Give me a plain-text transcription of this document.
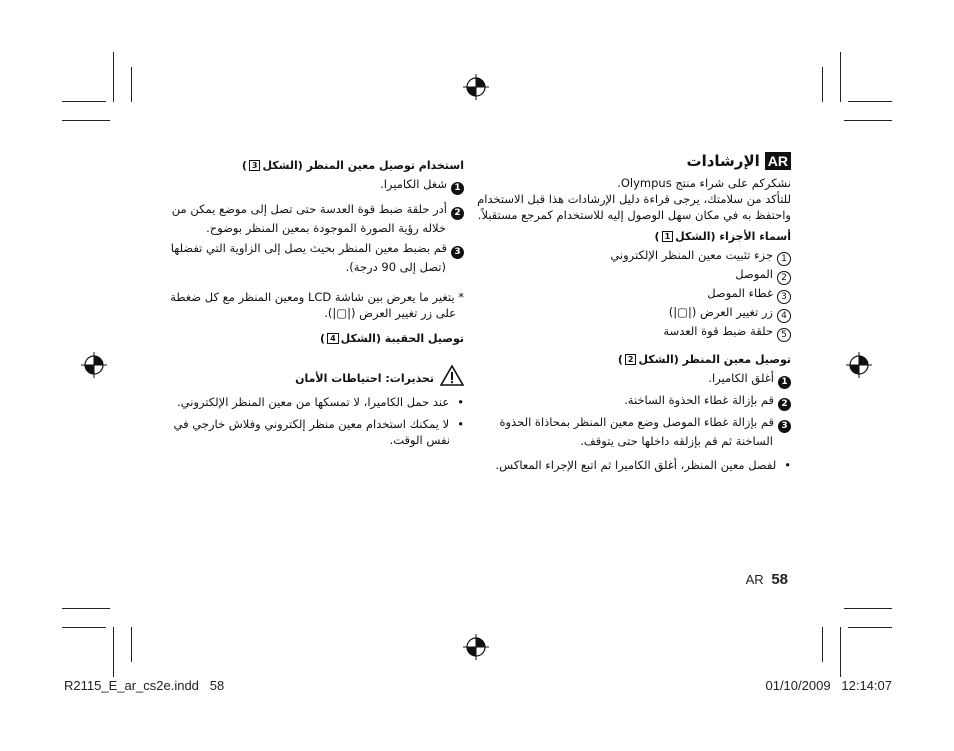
ARالإرشادات
نشكركم على شراء منتج Olympus.
للتأكد من سلامتك، يرجى قراءة دليل الإرشادات هذا قبل الاستخدام
واحتفظ به في مكان سهل الوصول إليه للاستخدام كمرجع مستقبلاً.
أسماء الأجزاء (الشكل1)
1جزء تثبيت معين المنظر الإلكتروني
2الموصل
3غطاء الموصل
4زر تغيير العرض (|▢|)
5حلقة ضبط قوة العدسة
توصيل معين المنظر (الشكل2)
1أغلق الكاميرا.
2قم بإزالة غطاء الحذوة الساخنة.
3قم بإزالة غطاء الموصل وضع معين المنظر بمحاذاة الحذوة
الساخنة ثم قم بإزلقه داخلها حتى يتوقف.
•لفصل معين المنظر، أغلق الكاميرا ثم اتبع الإجراء المعاكس.
استخدام توصيل معين المنظر (الشكل3)
1شغل الكاميرا.
2أدر حلقة ضبط قوة العدسة حتى تصل إلى موضع يمكن من
خلاله رؤية الصورة الموجودة بمعين المنظر بوضوح.
3قم بضبط معين المنظر بحيث يصل إلى الزاوية التي تفضلها
(تصل إلى 90 درجة).
* يتغير ما يعرض بين شاشة LCD ومعين المنظر مع كل ضغطة
على زر تغيير العرض (|▢|).
توصيل الحقيبة (الشكل4)
تحذيرات: احتياطات الأمان
•عند حمل الكاميرا، لا تمسكها من معين المنظر الإلكتروني.
•لا يمكنك استخدام معين منظر إلكتروني وفلاش خارجي في
نفس الوقت.
AR 58
R2115_E_ar_cs2e.indd   58	01/10/2009   12:14:07
